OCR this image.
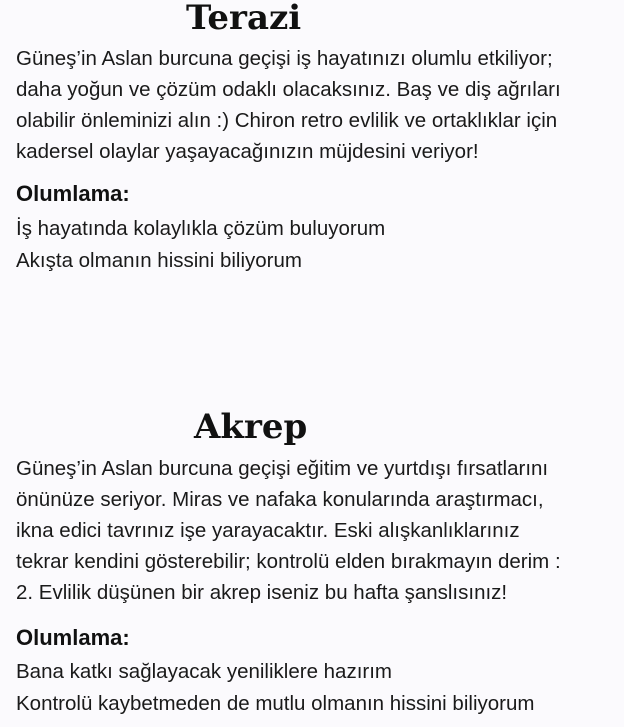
Terazi

Güneş’in Aslan burcuna geçişi iş hayatınızı olumlu etkiliyor;
daha yoğun ve çözüm odaklı olacaksınız. Baş ve diş ağrıları
olabilir önleminizi alın :) Chiron retro evlilik ve ortaklıklar için
kadersel olaylar yaşayacağınızın müjdesini veriyor!

Olumlama:
İş hayatında kolaylıkla çözüm buluyorum
Akışta olmanın hissini biliyorum
Akrep

Güneş’in Aslan burcuna geçişi eğitim ve yurtdışı fırsatlarını
önünüze seriyor. Miras ve nafaka konularında araştırmacı,
ikna edici tavrınız işe yarayacaktır. Eski alışkanlıklarınız
tekrar kendini gösterebilir; kontrolü elden bırakmayın derim :
2. Evlilik düşünen bir akrep iseniz bu hafta şanslısınız!

Olumlama:
Bana katkı sağlayacak yeniliklere hazırım
Kontrolü kaybetmeden de mutlu olmanın hissini biliyorum
